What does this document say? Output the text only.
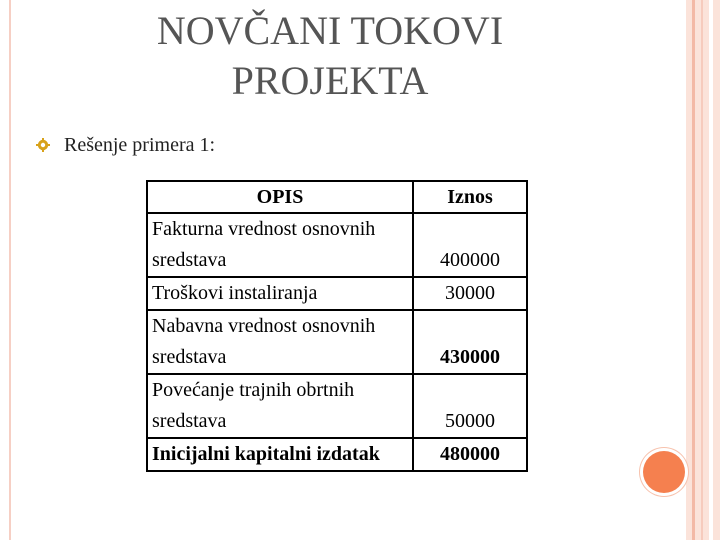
NOVČANI TOKOVI
PROJEKTA
Rešenje primera 1:
OPIS	Iznos
Fakturna vrednost osnovnih sredstava	400000
Troškovi instaliranja	30000
Nabavna vrednost osnovnih sredstava	430000
Povećanje trajnih obrtnih sredstava	50000
Inicijalni kapitalni izdatak	480000
